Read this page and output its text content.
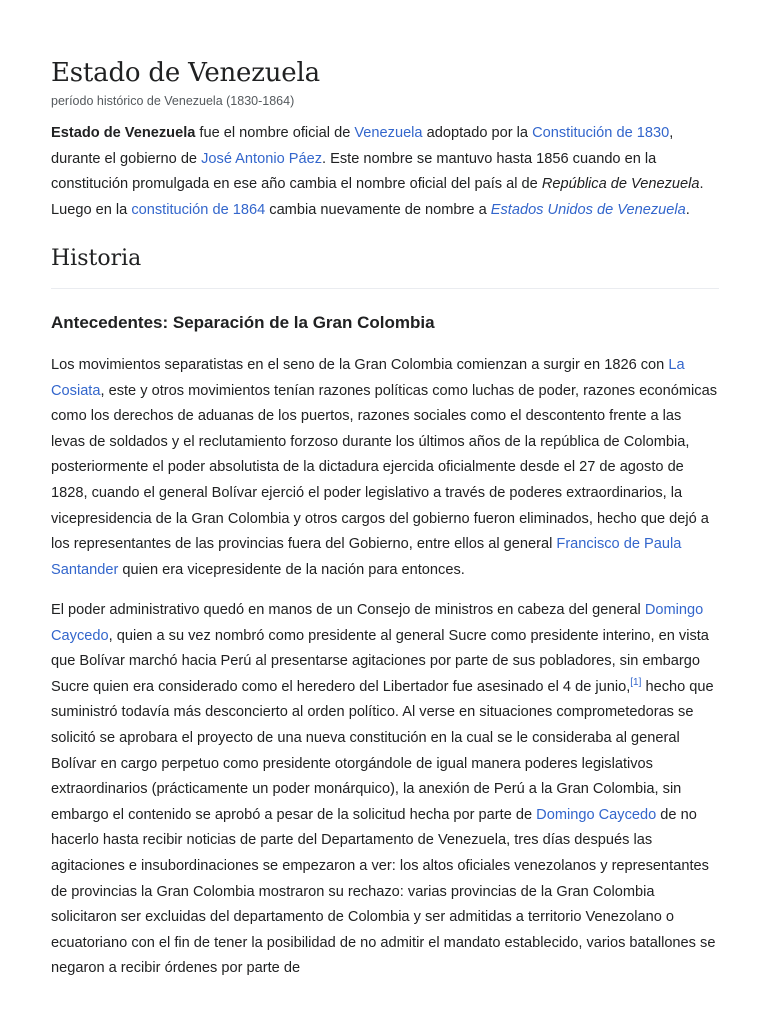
Estado de Venezuela
período histórico de Venezuela (1830-1864)

Estado de Venezuela fue el nombre oficial de Venezuela adoptado por la Constitución de 1830, durante el gobierno de José Antonio Páez. Este nombre se mantuvo hasta 1856 cuando en la constitución promulgada en ese año cambia el nombre oficial del país al de República de Venezuela. Luego en la constitución de 1864 cambia nuevamente de nombre a Estados Unidos de Venezuela.

Historia
Antecedentes: Separación de la Gran Colombia

Los movimientos separatistas en el seno de la Gran Colombia comienzan a surgir en 1826 con La Cosiata, este y otros movimientos tenían razones políticas como luchas de poder, razones económicas como los derechos de aduanas de los puertos, razones sociales como el descontento frente a las levas de soldados y el reclutamiento forzoso durante los últimos años de la república de Colombia, posteriormente el poder absolutista de la dictadura ejercida oficialmente desde el 27 de agosto de 1828, cuando el general Bolívar ejerció el poder legislativo a través de poderes extraordinarios, la vicepresidencia de la Gran Colombia y otros cargos del gobierno fueron eliminados, hecho que dejó a los representantes de las provincias fuera del Gobierno, entre ellos al general Francisco de Paula Santander quien era vicepresidente de la nación para entonces.

El poder administrativo quedó en manos de un Consejo de ministros en cabeza del general Domingo Caycedo, quien a su vez nombró como presidente al general Sucre como presidente interino, en vista que Bolívar marchó hacia Perú al presentarse agitaciones por parte de sus pobladores, sin embargo Sucre quien era considerado como el heredero del Libertador fue asesinado el 4 de junio,[1] hecho que suministró todavía más desconcierto al orden político. Al verse en situaciones comprometedoras se solicitó se aprobara el proyecto de una nueva constitución en la cual se le consideraba al general Bolívar en cargo perpetuo como presidente otorgándole de igual manera poderes legislativos extraordinarios (prácticamente un poder monárquico), la anexión de Perú a la Gran Colombia, sin embargo el contenido se aprobó a pesar de la solicitud hecha por parte de Domingo Caycedo de no hacerlo hasta recibir noticias de parte del Departamento de Venezuela, tres días después las agitaciones e insubordinaciones se empezaron a ver: los altos oficiales venezolanos y representantes de provincias la Gran Colombia mostraron su rechazo: varias provincias de la Gran Colombia solicitaron ser excluidas del departamento de Colombia y ser admitidas a territorio Venezolano o ecuatoriano con el fin de tener la posibilidad de no admitir el mandato establecido, varios batallones se negaron a recibir órdenes por parte de
